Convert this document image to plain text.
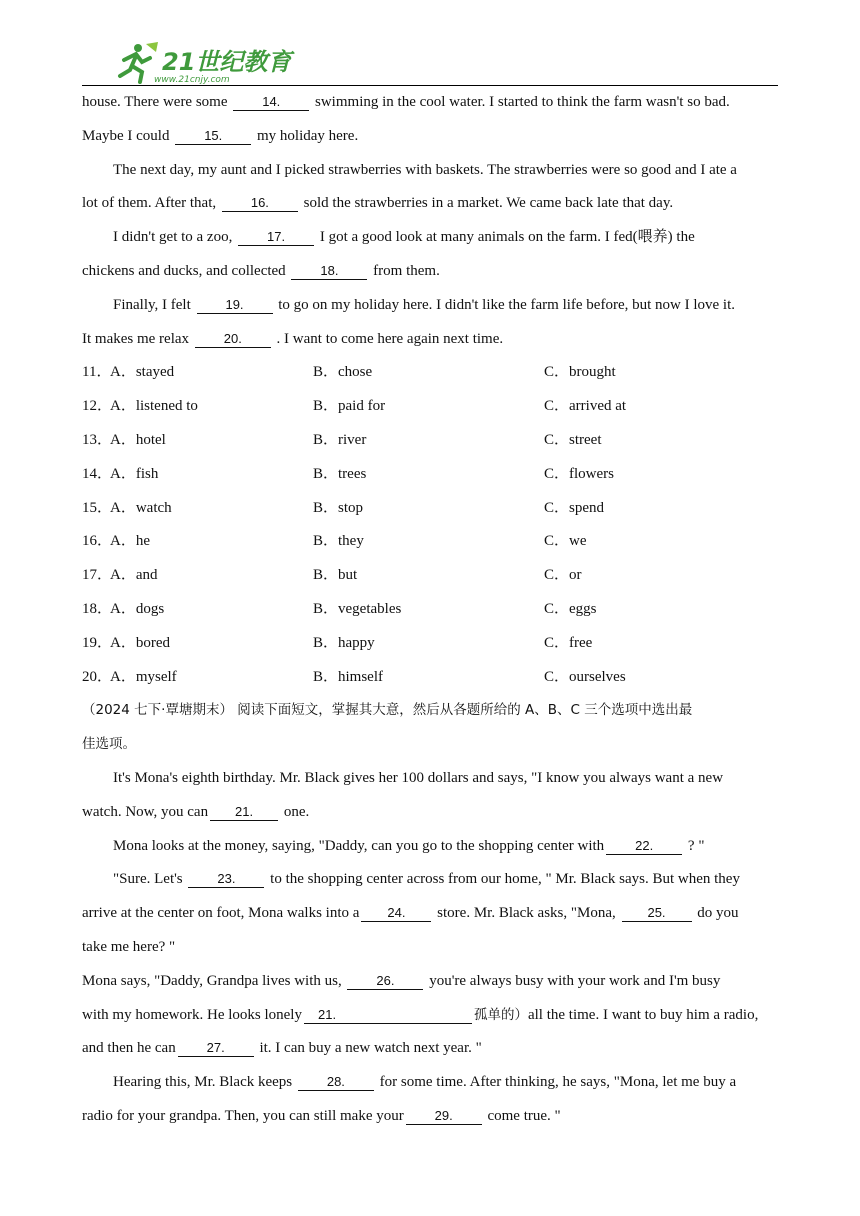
21世纪教育
www.21cnjy.com
house. There were some	14. swimming in the cool water. I started to think the farm wasn't so bad.
Maybe I could	15. my holiday here.
The next day, my aunt and I picked strawberries with baskets. The strawberries were so good and I ate a
lot of them. After that,	16. sold the strawberries in a market. We came back late that day.
I didn't get to a zoo,	17. I got a good look at many animals on the farm. I fed(喂养) the
chickens and ducks, and collected	18. from them.
Finally, I felt	19. to go on my holiday here. I didn't like the farm life before, but now I love it.
It makes me relax	20. . I want to come here again next time.
11．A．stayed	B．chose	C．brought
12．A．listened to	B．paid for	C．arrived at
13．A．hotel	B．river	C．street
14．A．fish	B．trees	C．flowers
15．A．watch	B．stop	C．spend
16．A．he	B．they	C．we
17．A．and	B．but	C．or
18．A．dogs	B．vegetables	C．eggs
19．A．bored	B．happy	C．free
20．A．myself	B．himself	C．ourselves
（2024 七下·覃塘期末） 阅读下面短文，掌握其大意，然后从各题所给的 A、B、C 三个选项中选出最
佳选项。
It's Mona's eighth birthday. Mr. Black gives her 100 dollars and says, "I know you always want a new
watch. Now, you can 21. one.
Mona looks at the money, saying, "Daddy, can you go to the shopping center with 22. ? "
"Sure. Let's	23. to the shopping center across from our home, " Mr. Black says. But when they
arrive at the center on foot, Mona walks into a 24. store. Mr. Black asks, "Mona, 25. do you
take me here? "
Mona says, "Daddy, Grandpa lives with us,	26. you're always busy with your work and I'm busy
with my homework. He looks lonely 21.	孤单的）all the time. I want to buy him a radio,
and then he can 27. it. I can buy a new watch next year. "
Hearing this, Mr. Black keeps	28. for some time. After thinking, he says, "Mona, let me buy a
radio for your grandpa. Then, you can still make your 29. come true. "
